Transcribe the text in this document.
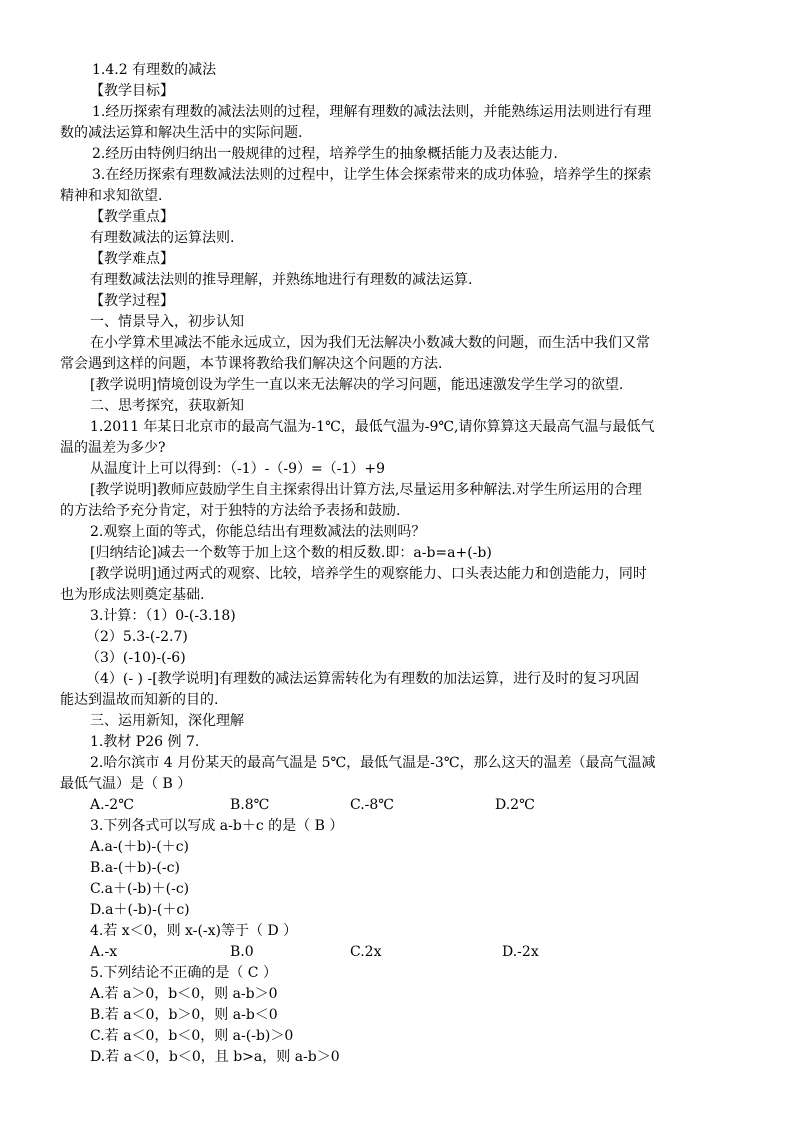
1.4.2 有理数的减法
【教学目标】
1.经历探索有理数的减法法则的过程，理解有理数的减法法则，并能熟练运用法则进行有理
数的减法运算和解决生活中的实际问题.
2.经历由特例归纳出一般规律的过程，培养学生的抽象概括能力及表达能力.
3.在经历探索有理数减法法则的过程中，让学生体会探索带来的成功体验，培养学生的探索
精神和求知欲望.
【教学重点】
有理数减法的运算法则.
【教学难点】
有理数减法法则的推导理解，并熟练地进行有理数的减法运算.
【教学过程】
一、情景导入，初步认知
在小学算术里减法不能永远成立，因为我们无法解决小数减大数的问题，而生活中我们又常
常会遇到这样的问题，本节课将教给我们解决这个问题的方法.
[教学说明]情境创设为学生一直以来无法解决的学习问题，能迅速激发学生学习的欲望.
二、思考探究，获取新知
1.2011 年某日北京市的最高气温为-1℃，最低气温为-9℃,请你算算这天最高气温与最低气
温的温差为多少?
从温度计上可以得到：（-1）-（-9）=（-1）+9
[教学说明]教师应鼓励学生自主探索得出计算方法,尽量运用多种解法.对学生所运用的合理
的方法给予充分肯定，对于独特的方法给予表扬和鼓励.
2.观察上面的等式，你能总结出有理数减法的法则吗？
[归纳结论]减去一个数等于加上这个数的相反数.即：a-b=a+(-b)
[教学说明]通过两式的观察、比较，培养学生的观察能力、口头表达能力和创造能力，同时
也为形成法则奠定基础.
3.计算：（1）0-(-3.18)
（2）5.3-(-2.7)
（3）(-10)-(-6)
（4）(- ) -[教学说明]有理数的减法运算需转化为有理数的加法运算，进行及时的复习巩固
能达到温故而知新的目的.
三、运用新知，深化理解
1.教材 P26 例 7.
2.哈尔滨市 4 月份某天的最高气温是 5℃，最低气温是-3℃，那么这天的温差（最高气温减
最低气温）是（ B ）
A.-2℃	B.8℃	C.-8℃	D.2℃
3.下列各式可以写成 a-b＋c 的是（ B ）
A.a-(＋b)-(＋c)
B.a-(＋b)-(-c)
C.a＋(-b)＋(-c)
D.a＋(-b)-(＋c)
4.若 x＜0，则 x-(-x)等于（ D ）
A.-x	B.0	C.2x	D.-2x
5.下列结论不正确的是（ C ）
A.若 a＞0，b＜0，则 a-b＞0
B.若 a＜0，b＞0，则 a-b＜0
C.若 a＜0，b＜0，则 a-(-b)＞0
D.若 a＜0，b＜0，且 b>a，则 a-b＞0
